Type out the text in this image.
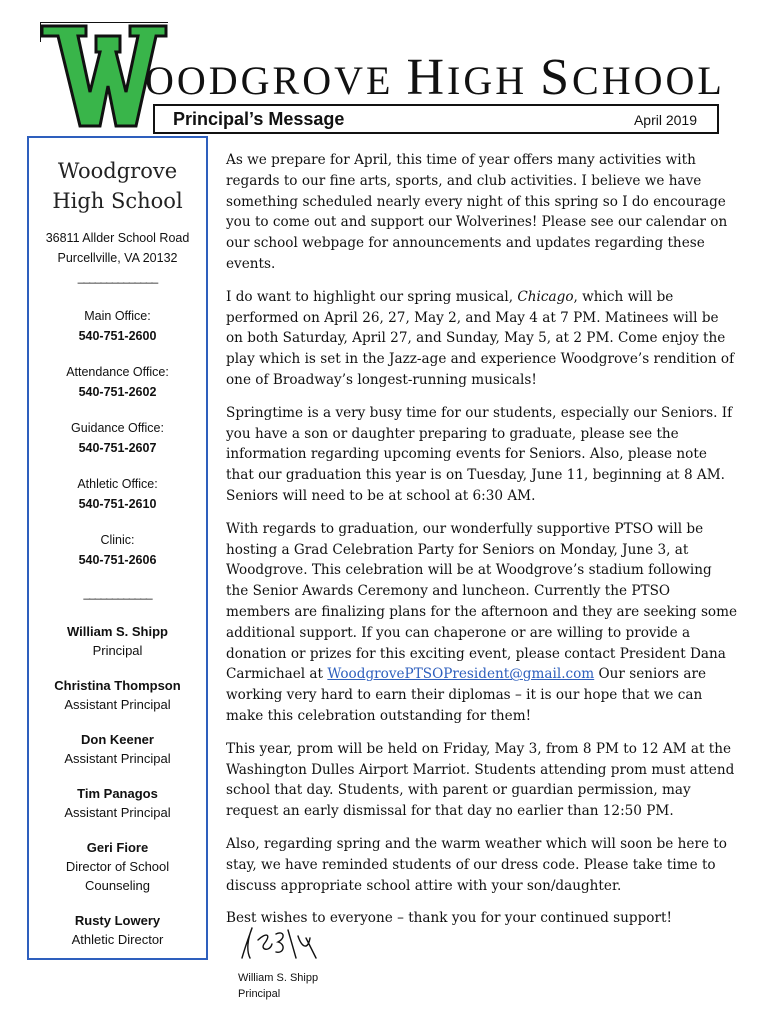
OODGROVE HIGH SCHOOL
Principal’s Message	April 2019
Woodgrove
High School
36811 Allder School Road
Purcellville, VA 20132
______________
Main Office:
540-751-2600
Attendance Office:
540-751-2602
Guidance Office:
540-751-2607
Athletic Office:
540-751-2610
Clinic:
540-751-2606
____________
William S. Shipp
Principal
Christina Thompson
Assistant Principal
Don Keener
Assistant Principal
Tim Panagos
Assistant Principal
Geri Fiore
Director of School
Counseling
Rusty Lowery
Athletic Director

As we prepare for April, this time of year offers many activities with regards to our fine arts, sports, and club activities. I believe we have something scheduled nearly every night of this spring so I do encourage you to come out and support our Wolverines! Please see our calendar on our school webpage for announcements and updates regarding these events.

I do want to highlight our spring musical, Chicago, which will be performed on April 26, 27, May 2, and May 4 at 7 PM. Matinees will be on both Saturday, April 27, and Sunday, May 5, at 2 PM. Come enjoy the play which is set in the Jazz-age and experience Woodgrove’s rendition of one of Broadway’s longest-running musicals!

Springtime is a very busy time for our students, especially our Seniors. If you have a son or daughter preparing to graduate, please see the information regarding upcoming events for Seniors. Also, please note that our graduation this year is on Tuesday, June 11, beginning at 8 AM. Seniors will need to be at school at 6:30 AM.

With regards to graduation, our wonderfully supportive PTSO will be hosting a Grad Celebration Party for Seniors on Monday, June 3, at Woodgrove. This celebration will be at Woodgrove’s stadium following the Senior Awards Ceremony and luncheon. Currently the PTSO members are finalizing plans for the afternoon and they are seeking some additional support. If you can chaperone or are willing to provide a donation or prizes for this exciting event, please contact President Dana Carmichael at WoodgrovePTSOPresident@gmail.com Our seniors are working very hard to earn their diplomas – it is our hope that we can make this celebration outstanding for them!

This year, prom will be held on Friday, May 3, from 8 PM to 12 AM at the Washington Dulles Airport Marriot. Students attending prom must attend school that day. Students, with parent or guardian permission, may request an early dismissal for that day no earlier than 12:50 PM.

Also, regarding spring and the warm weather which will soon be here to stay, we have reminded students of our dress code. Please take time to discuss appropriate school attire with your son/daughter.

Best wishes to everyone – thank you for your continued support!

William S. Shipp
Principal
